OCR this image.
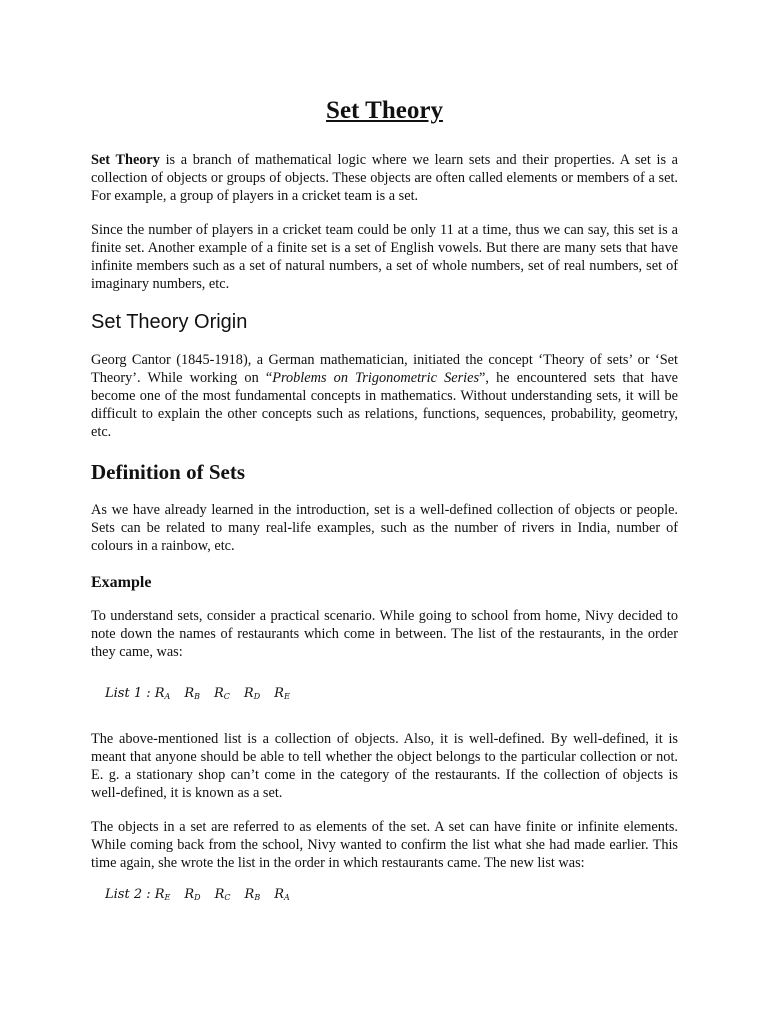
Set Theory

Set Theory is a branch of mathematical logic where we learn sets and their properties. A set is a collection of objects or groups of objects. These objects are often called elements or members of a set. For example, a group of players in a cricket team is a set.

Since the number of players in a cricket team could be only 11 at a time, thus we can say, this set is a finite set. Another example of a finite set is a set of English vowels. But there are many sets that have infinite members such as a set of natural numbers, a set of whole numbers, set of real numbers, set of imaginary numbers, etc.

Set Theory Origin

Georg Cantor (1845-1918), a German mathematician, initiated the concept ‘Theory of sets’ or ‘Set Theory’. While working on “Problems on Trigonometric Series”, he encountered sets that have become one of the most fundamental concepts in mathematics. Without understanding sets, it will be difficult to explain the other concepts such as relations, functions, sequences, probability, geometry, etc.

Definition of Sets

As we have already learned in the introduction, set is a well-defined collection of objects or people. Sets can be related to many real-life examples, such as the number of rivers in India, number of colours in a rainbow, etc.

Example

To understand sets, consider a practical scenario. While going to school from home, Nivy decided to note down the names of restaurants which come in between. The list of the restaurants, in the order they came, was:

List 1 : $R_A$ $R_B$ $R_C$ $R_D$ $R_E$

The above-mentioned list is a collection of objects. Also, it is well-defined. By well-defined, it is meant that anyone should be able to tell whether the object belongs to the particular collection or not. E. g. a stationary shop can’t come in the category of the restaurants. If the collection of objects is well-defined, it is known as a set.

The objects in a set are referred to as elements of the set. A set can have finite or infinite elements. While coming back from the school, Nivy wanted to confirm the list what she had made earlier. This time again, she wrote the list in the order in which restaurants came. The new list was:

List 2 : $R_E$ $R_D$ $R_C$ $R_B$ $R_A$
